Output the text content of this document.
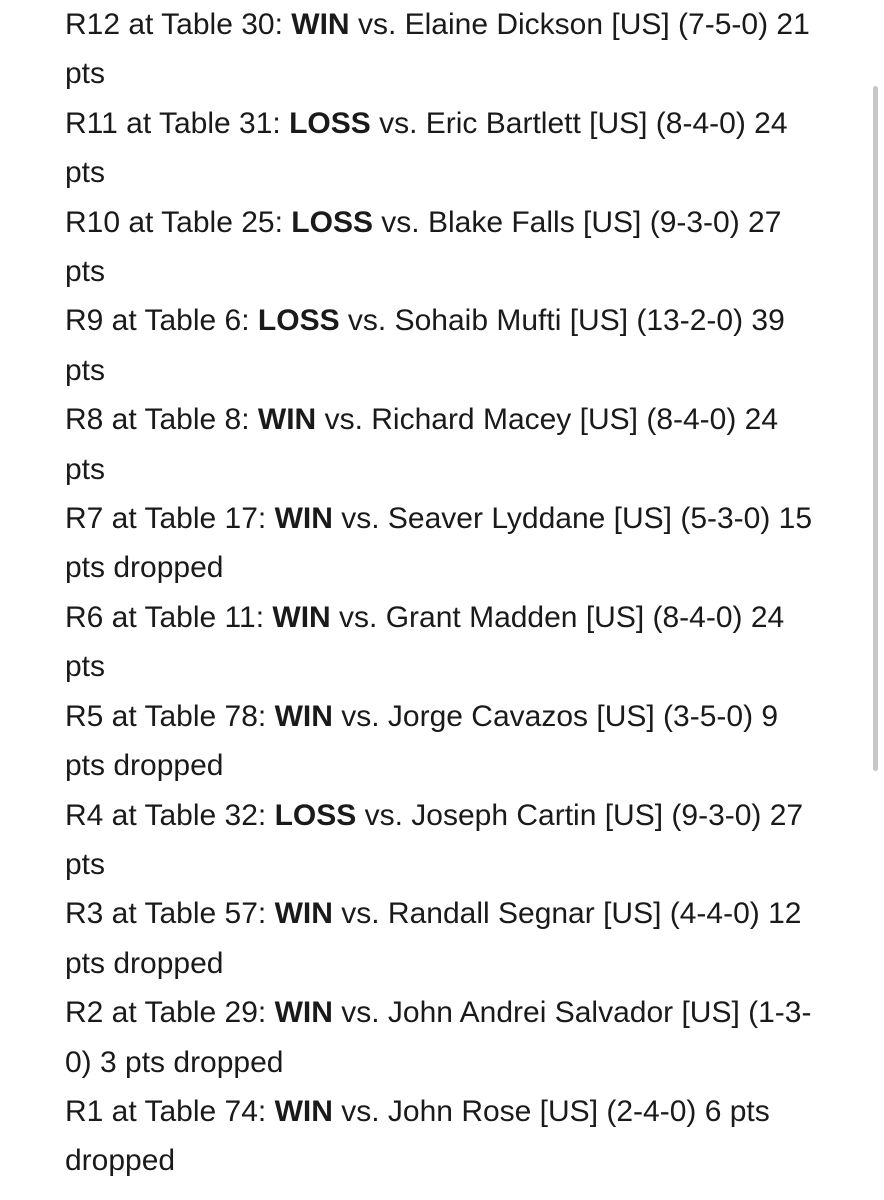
R12 at Table 30: WIN vs. Elaine Dickson [US] (7-5-0) 21 pts
R11 at Table 31: LOSS vs. Eric Bartlett [US] (8-4-0) 24 pts
R10 at Table 25: LOSS vs. Blake Falls [US] (9-3-0) 27 pts
R9 at Table 6: LOSS vs. Sohaib Mufti [US] (13-2-0) 39 pts
R8 at Table 8: WIN vs. Richard Macey [US] (8-4-0) 24 pts
R7 at Table 17: WIN vs. Seaver Lyddane [US] (5-3-0) 15 pts dropped
R6 at Table 11: WIN vs. Grant Madden [US] (8-4-0) 24 pts
R5 at Table 78: WIN vs. Jorge Cavazos [US] (3-5-0) 9 pts dropped
R4 at Table 32: LOSS vs. Joseph Cartin [US] (9-3-0) 27 pts
R3 at Table 57: WIN vs. Randall Segnar [US] (4-4-0) 12 pts dropped
R2 at Table 29: WIN vs. John Andrei Salvador [US] (1-3-0) 3 pts dropped
R1 at Table 74: WIN vs. John Rose [US] (2-4-0) 6 pts dropped
